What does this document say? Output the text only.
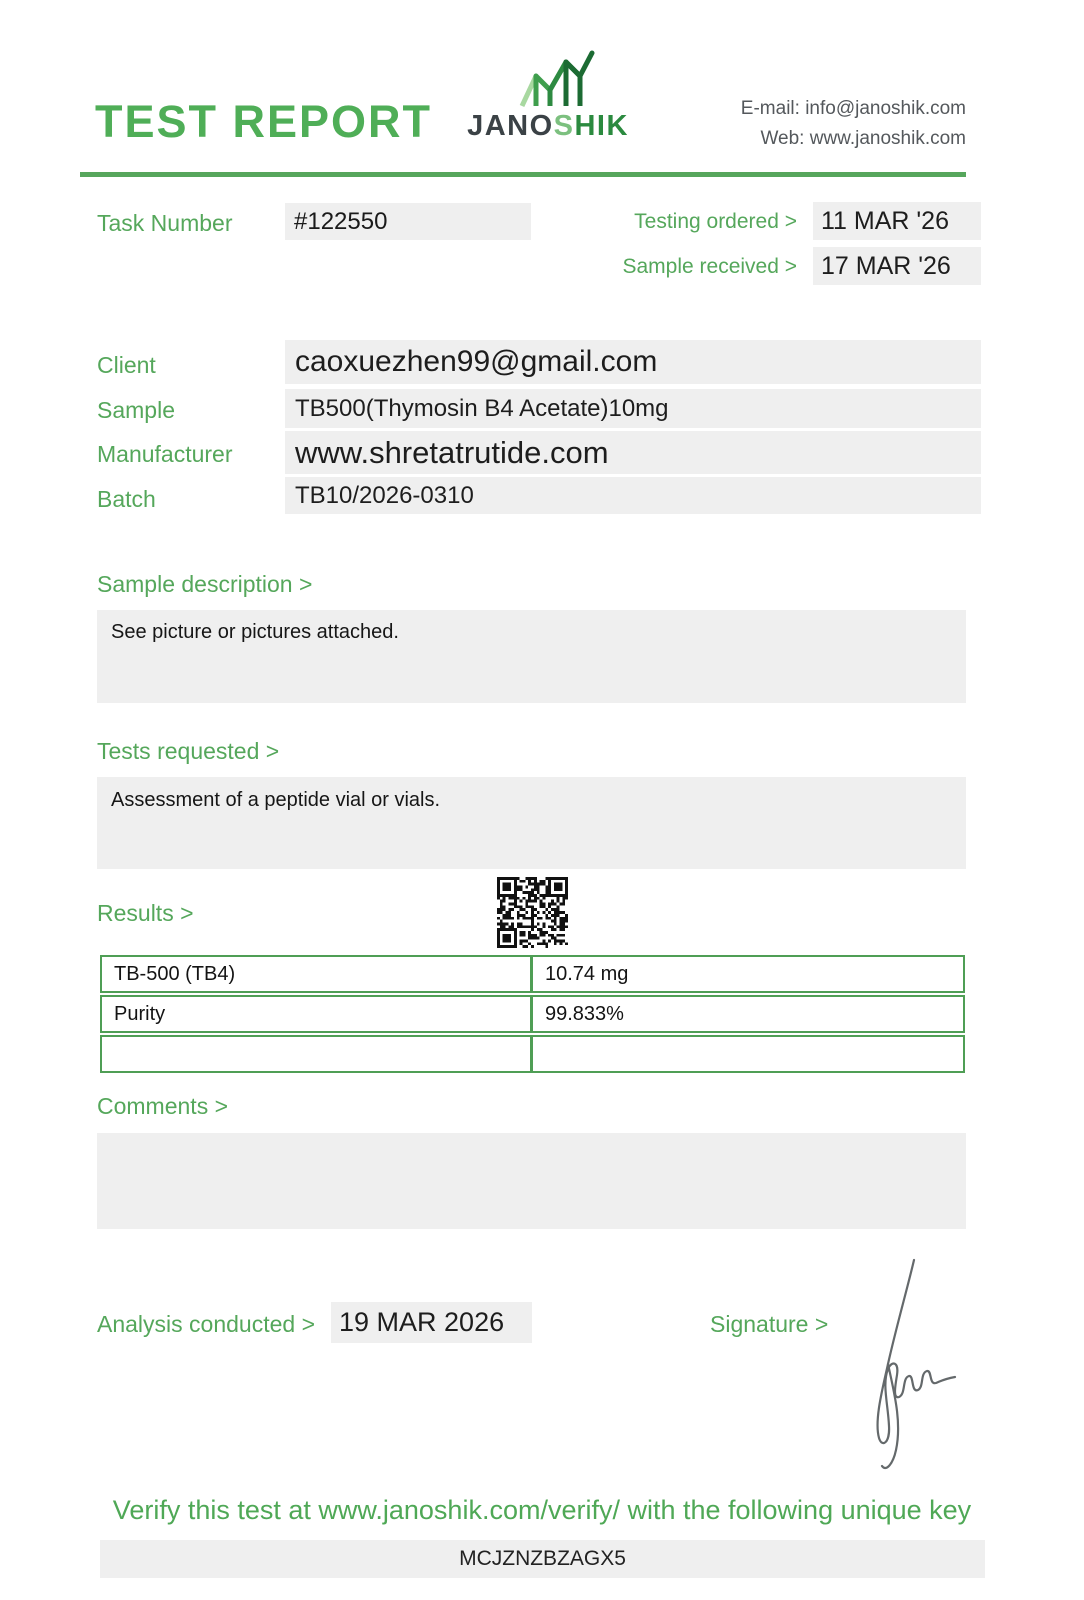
TEST REPORT	JANOSHIK
E-mail: info@janoshik.com
Web: www.janoshik.com
Task Number	#122550	Testing ordered > 11 MAR '26
Sample received > 17 MAR '26
Client	caoxuezhen99@gmail.com
Sample	TB500(Thymosin B4 Acetate)10mg
Manufacturer	www.shretatrutide.com
Batch	TB10/2026-0310
Sample description >
See picture or pictures attached.
Tests requested >
Assessment of a peptide vial or vials.
Results >
TB-500 (TB4)	10.74 mg
Purity	99.833%
Comments >
Analysis conducted > 19 MAR 2026	Signature >
Verify this test at www.janoshik.com/verify/ with the following unique key
MCJZNZBZAGX5
